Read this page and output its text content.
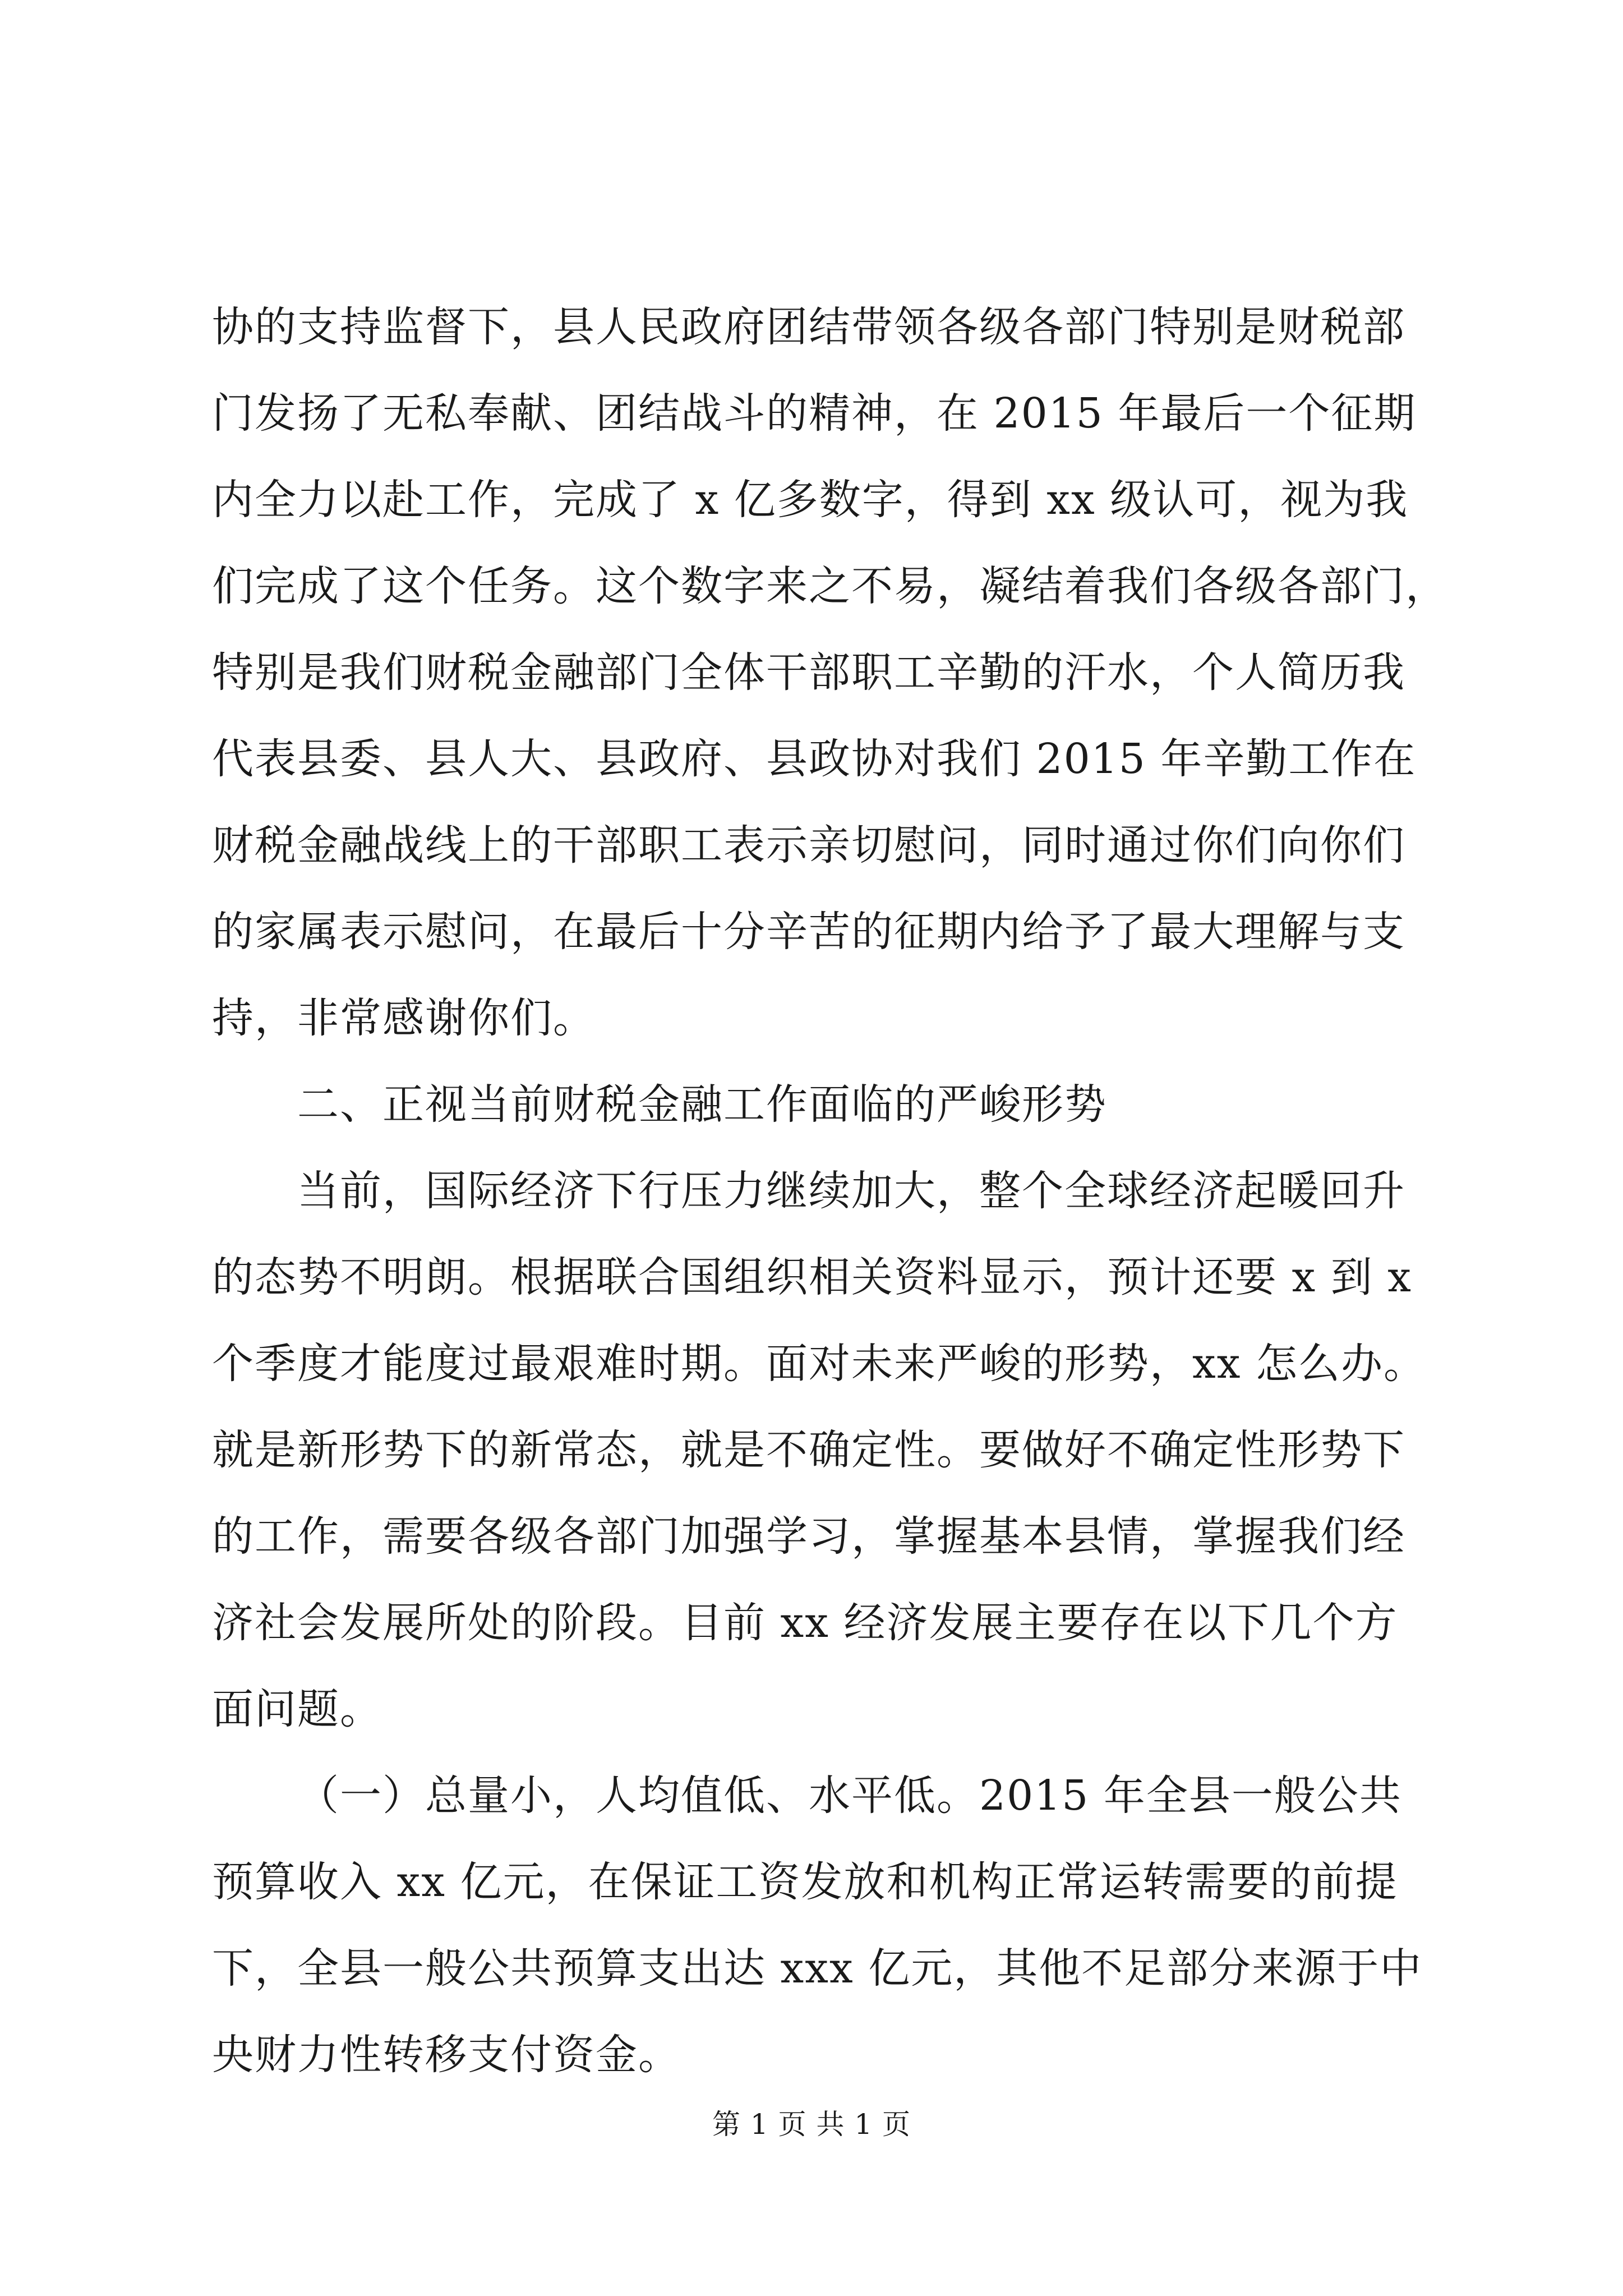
协的支持监督下，县人民政府团结带领各级各部门特别是财税部
门发扬了无私奉献、团结战斗的精神，在 2015 年最后一个征期
内全力以赴工作，完成了 x 亿多数字，得到 xx 级认可，视为我
们完成了这个任务。这个数字来之不易，凝结着我们各级各部门，
特别是我们财税金融部门全体干部职工辛勤的汗水，个人简历我
代表县委、县人大、县政府、县政协对我们 2015 年辛勤工作在
财税金融战线上的干部职工表示亲切慰问，同时通过你们向你们
的家属表示慰问，在最后十分辛苦的征期内给予了最大理解与支
持，非常感谢你们。
二、正视当前财税金融工作面临的严峻形势
当前，国际经济下行压力继续加大，整个全球经济起暖回升
的态势不明朗。根据联合国组织相关资料显示，预计还要 x 到 x
个季度才能度过最艰难时期。面对未来严峻的形势，xx 怎么办。
就是新形势下的新常态，就是不确定性。要做好不确定性形势下
的工作，需要各级各部门加强学习，掌握基本县情，掌握我们经
济社会发展所处的阶段。目前 xx 经济发展主要存在以下几个方
面问题。
（一）总量小，人均值低、水平低。2015 年全县一般公共
预算收入 xx 亿元，在保证工资发放和机构正常运转需要的前提
下，全县一般公共预算支出达 xxx 亿元，其他不足部分来源于中
央财力性转移支付资金。
第 1 页 共 1 页
